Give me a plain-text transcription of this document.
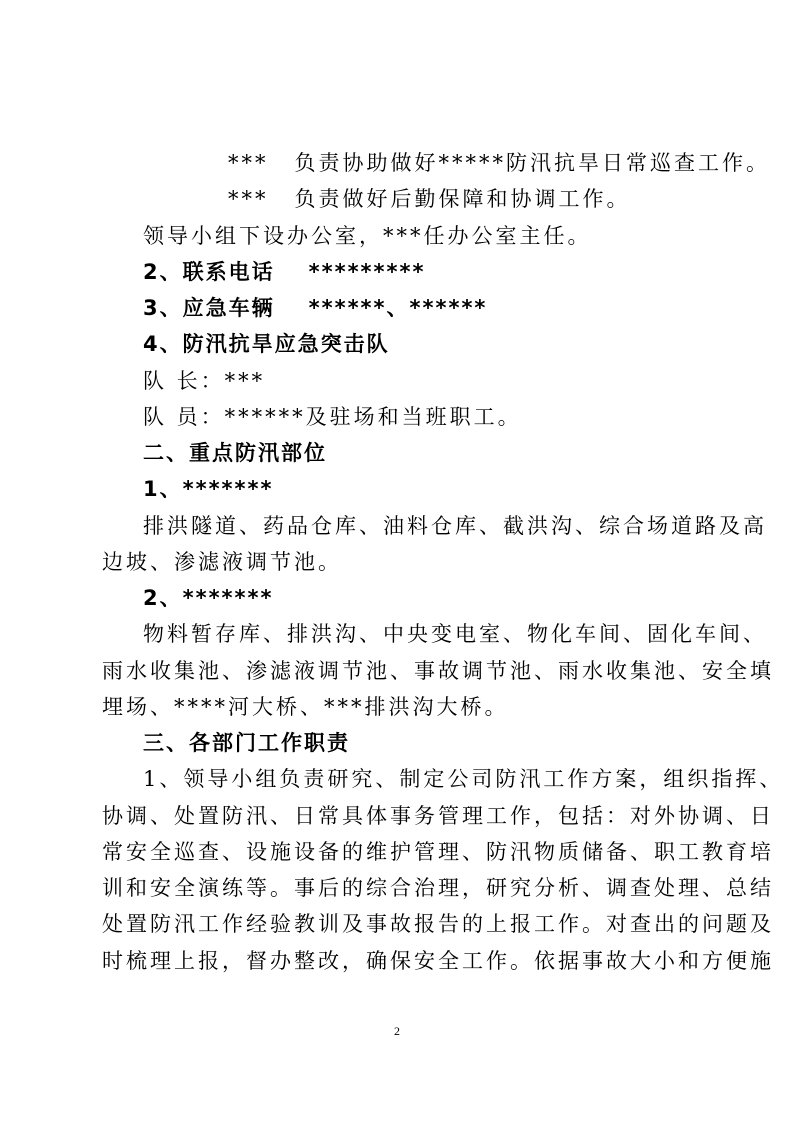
*** 负责协助做好*****防汛抗旱日常巡查工作。
*** 负责做好后勤保障和协调工作。
领导小组下设办公室，***任办公室主任。
2、联系电话 *********
3、应急车辆 ******、******
4、防汛抗旱应急突击队
队 长：***
队 员：******及驻场和当班职工。
二、重点防汛部位
1、*******
排洪隧道、药品仓库、油料仓库、截洪沟、综合场道路及高
边坡、渗滤液调节池。
2、*******
物料暂存库、排洪沟、中央变电室、物化车间、固化车间、
雨水收集池、渗滤液调节池、事故调节池、雨水收集池、安全填
埋场、****河大桥、***排洪沟大桥。
三、各部门工作职责
1、领导小组负责研究、制定公司防汛工作方案，组织指挥、
协调、处置防汛、日常具体事务管理工作，包括：对外协调、日
常安全巡查、设施设备的维护管理、防汛物质储备、职工教育培
训和安全演练等。事后的综合治理，研究分析、调查处理、总结
处置防汛工作经验教训及事故报告的上报工作。对查出的问题及
时梳理上报，督办整改，确保安全工作。依据事故大小和方便施
2
